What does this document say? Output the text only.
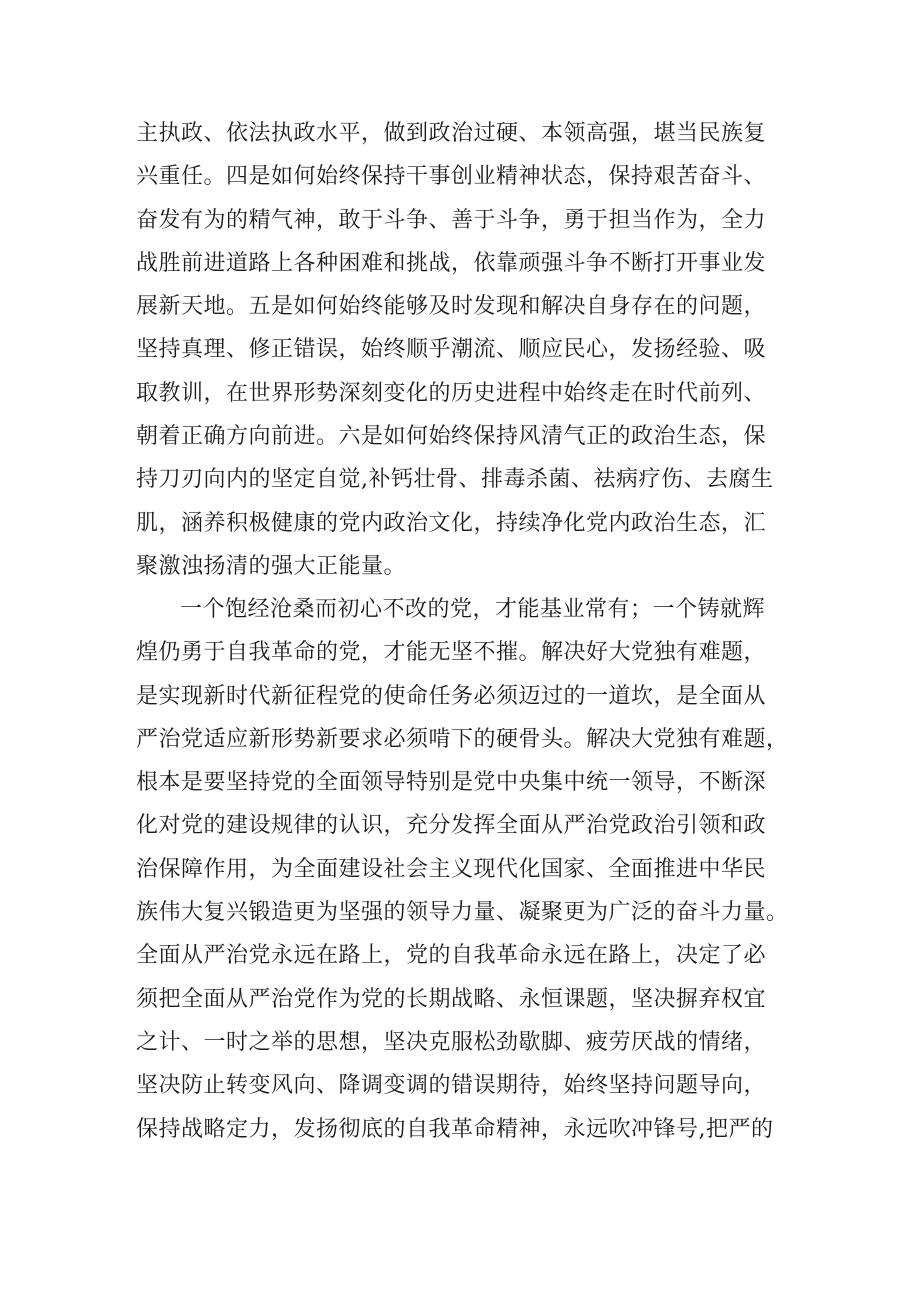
主执政、依法执政水平，做到政治过硬、本领高强，堪当民族复
兴重任。四是如何始终保持干事创业精神状态，保持艰苦奋斗、
奋发有为的精气神，敢于斗争、善于斗争，勇于担当作为，全力
战胜前进道路上各种困难和挑战，依靠顽强斗争不断打开事业发
展新天地。五是如何始终能够及时发现和解决自身存在的问题，
坚持真理、修正错误，始终顺乎潮流、顺应民心，发扬经验、吸
取教训，在世界形势深刻变化的历史进程中始终走在时代前列、
朝着正确方向前进。六是如何始终保持风清气正的政治生态，保
持刀刃向内的坚定自觉,补钙壮骨、排毒杀菌、祛病疗伤、去腐生
肌，涵养积极健康的党内政治文化，持续净化党内政治生态，汇
聚激浊扬清的强大正能量。
一个饱经沧桑而初心不改的党，才能基业常有；一个铸就辉
煌仍勇于自我革命的党，才能无坚不摧。解决好大党独有难题，
是实现新时代新征程党的使命任务必须迈过的一道坎，是全面从
严治党适应新形势新要求必须啃下的硬骨头。解决大党独有难题，
根本是要坚持党的全面领导特别是党中央集中统一领导，不断深
化对党的建设规律的认识，充分发挥全面从严治党政治引领和政
治保障作用，为全面建设社会主义现代化国家、全面推进中华民
族伟大复兴锻造更为坚强的领导力量、凝聚更为广泛的奋斗力量。
全面从严治党永远在路上，党的自我革命永远在路上，决定了必
须把全面从严治党作为党的长期战略、永恒课题，坚决摒弃权宜
之计、一时之举的思想，坚决克服松劲歇脚、疲劳厌战的情绪，
坚决防止转变风向、降调变调的错误期待，始终坚持问题导向，
保持战略定力，发扬彻底的自我革命精神，永远吹冲锋号,把严的
